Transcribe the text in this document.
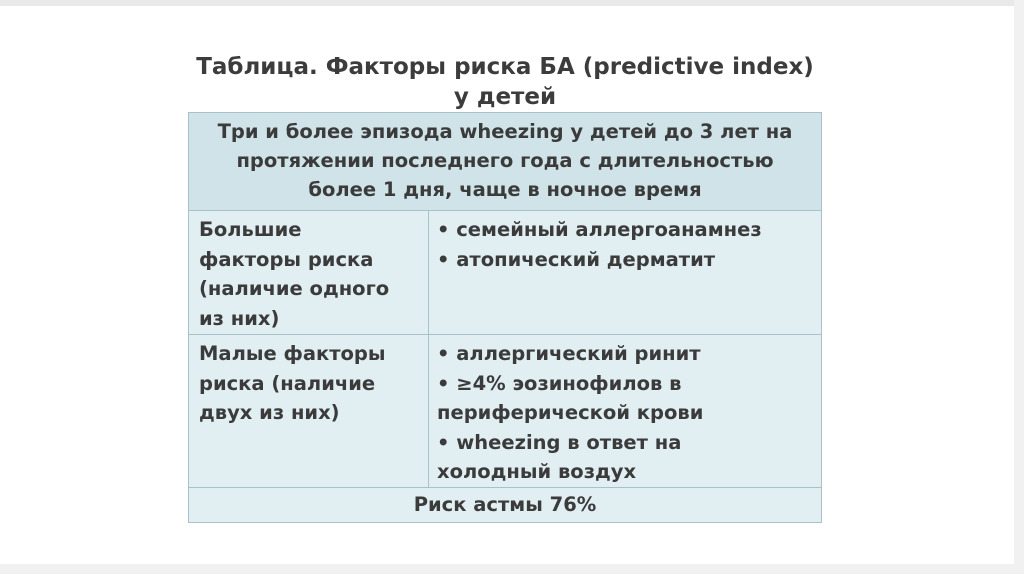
Таблица. Факторы риска БА (predictive index)
у детей
Три и более эпизода wheezing у детей до 3 лет на
протяжении последнего года с длительностью
более 1 дня, чаще в ночное время	

Большие
факторы риска
(наличие одного
из них)	• семейный аллергоанамнез
• атопический дерматит

Малые факторы
риска (наличие
двух из них)	• аллергический ринит
• ≥4% эозинофилов в
периферической крови
• wheezing в ответ на
холодный воздух

Риск астмы 76%	
